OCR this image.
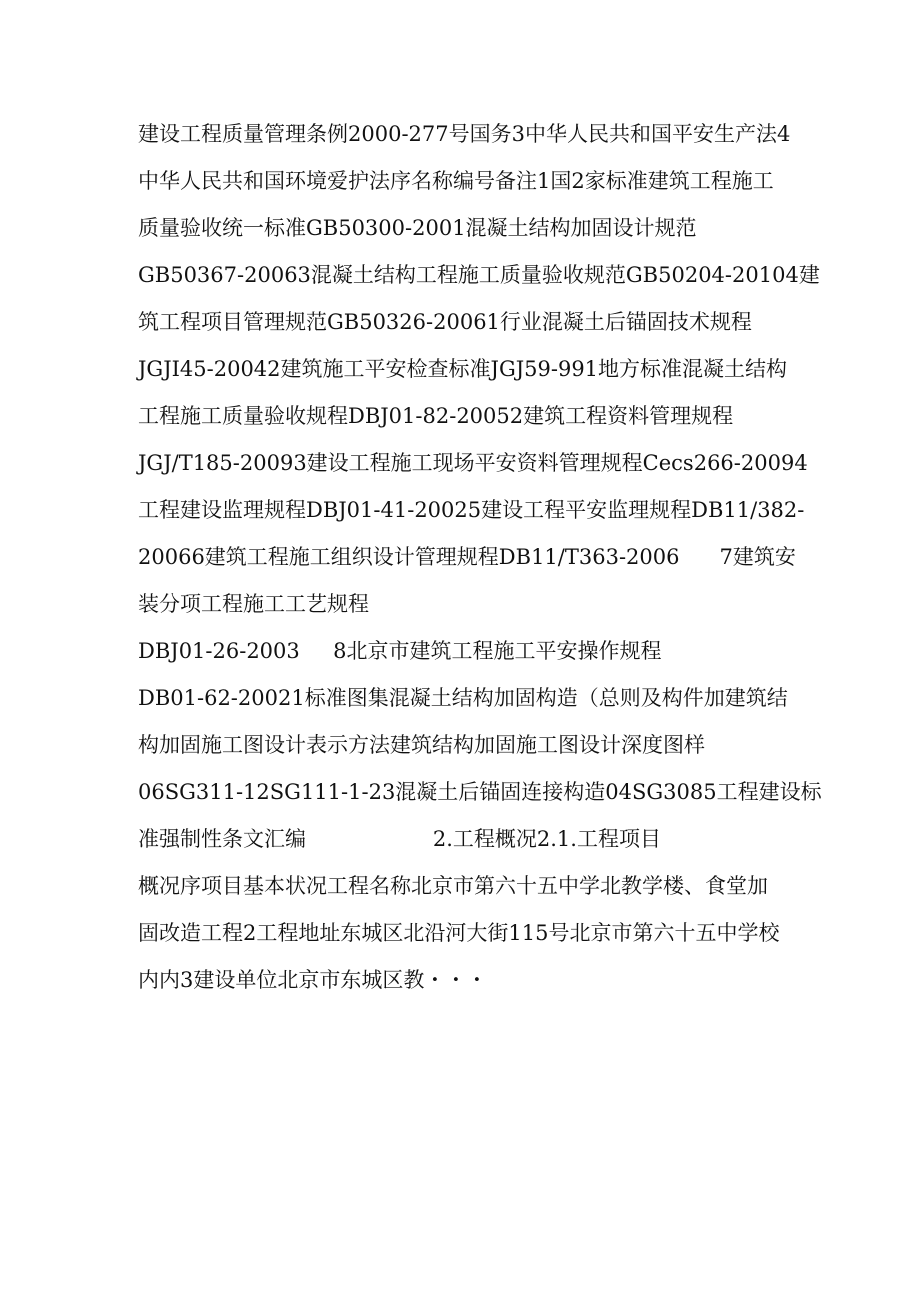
建设工程质量管理条例2000-277号国务3中华人民共和国平安生产法4
中华人民共和国环境爱护法序名称编号备注1国2家标准建筑工程施工
质量验收统一标准GB50300-2001混凝土结构加固设计规范
GB50367-20063混凝土结构工程施工质量验收规范GB50204-20104建
筑工程项目管理规范GB50326-20061行业混凝土后锚固技术规程
JGJI45-20042建筑施工平安检查标准JGJ59-991地方标准混凝土结构
工程施工质量验收规程DBJ01-82-20052建筑工程资料管理规程
JGJ/T185-20093建设工程施工现场平安资料管理规程Cecs266-20094
工程建设监理规程DBJ01-41-20025建设工程平安监理规程DB11/382-
20066建筑工程施工组织设计管理规程DB11/T363-2006      7建筑安
装分项工程施工工艺规程
DBJ01-26-2003     8北京市建筑工程施工平安操作规程
DB01-62-20021标准图集混凝土结构加固构造（总则及构件加建筑结
构加固施工图设计表示方法建筑结构加固施工图设计深度图样
06SG311-12SG111-1-23混凝土后锚固连接构造04SG3085工程建设标
准强制性条文汇编                   2.工程概况2.1.工程项目
概况序项目基本状况工程名称北京市第六十五中学北教学楼、食堂加
固改造工程2工程地址东城区北沿河大街115号北京市第六十五中学校
内内3建设单位北京市东城区教・・・
